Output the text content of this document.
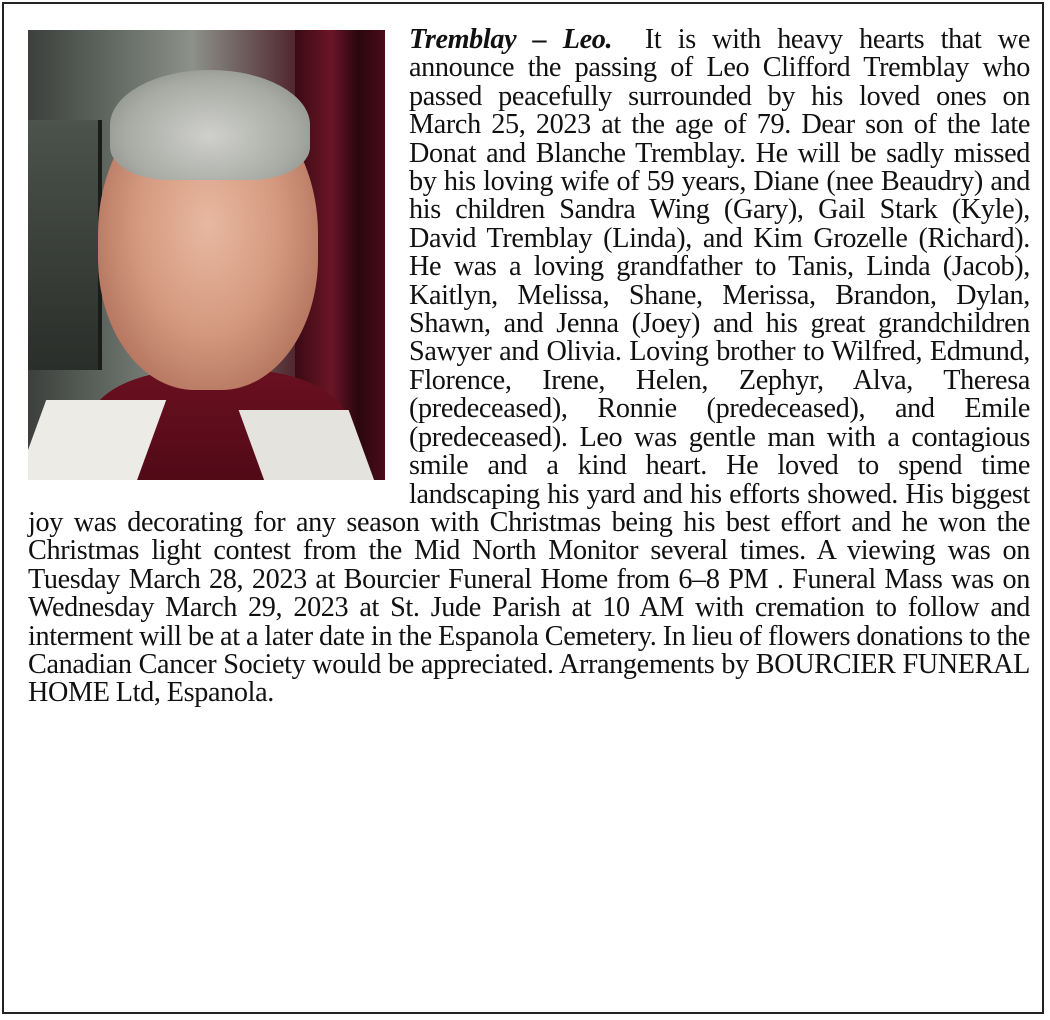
Tremblay – Leo. It is with heavy hearts that we announce the passing of Leo Clifford Tremblay who passed peacefully surrounded by his loved ones on March 25, 2023 at the age of 79. Dear son of the late Donat and Blanche Tremblay. He will be sadly missed by his loving wife of 59 years, Diane (nee Beaudry) and his children Sandra Wing (Gary), Gail Stark (Kyle), David Tremblay (Linda), and Kim Grozelle (Richard). He was a loving grandfather to Tanis, Linda (Jacob), Kaitlyn, Melissa, Shane, Merissa, Brandon, Dylan, Shawn, and Jenna (Joey) and his great grandchildren Sawyer and Olivia. Loving brother to Wilfred, Edmund, Florence, Irene, Helen, Zephyr, Alva, Theresa (predeceased), Ronnie (predeceased), and Emile (predeceased). Leo was gentle man with a contagious smile and a kind heart. He loved to spend time landscaping his yard and his efforts showed. His biggest joy was decorating for any season with Christmas being his best effort and he won the Christmas light contest from the Mid North Monitor several times. A viewing was on Tuesday March 28, 2023 at Bourcier Funeral Home from 6–8 PM . Funeral Mass was on Wednesday March 29, 2023 at St. Jude Parish at 10 AM with cremation to follow and interment will be at a later date in the Espanola Cemetery. In lieu of flowers donations to the Canadian Cancer Society would be appreciated. Arrangements by BOURCIER FUNERAL HOME Ltd, Espanola.
